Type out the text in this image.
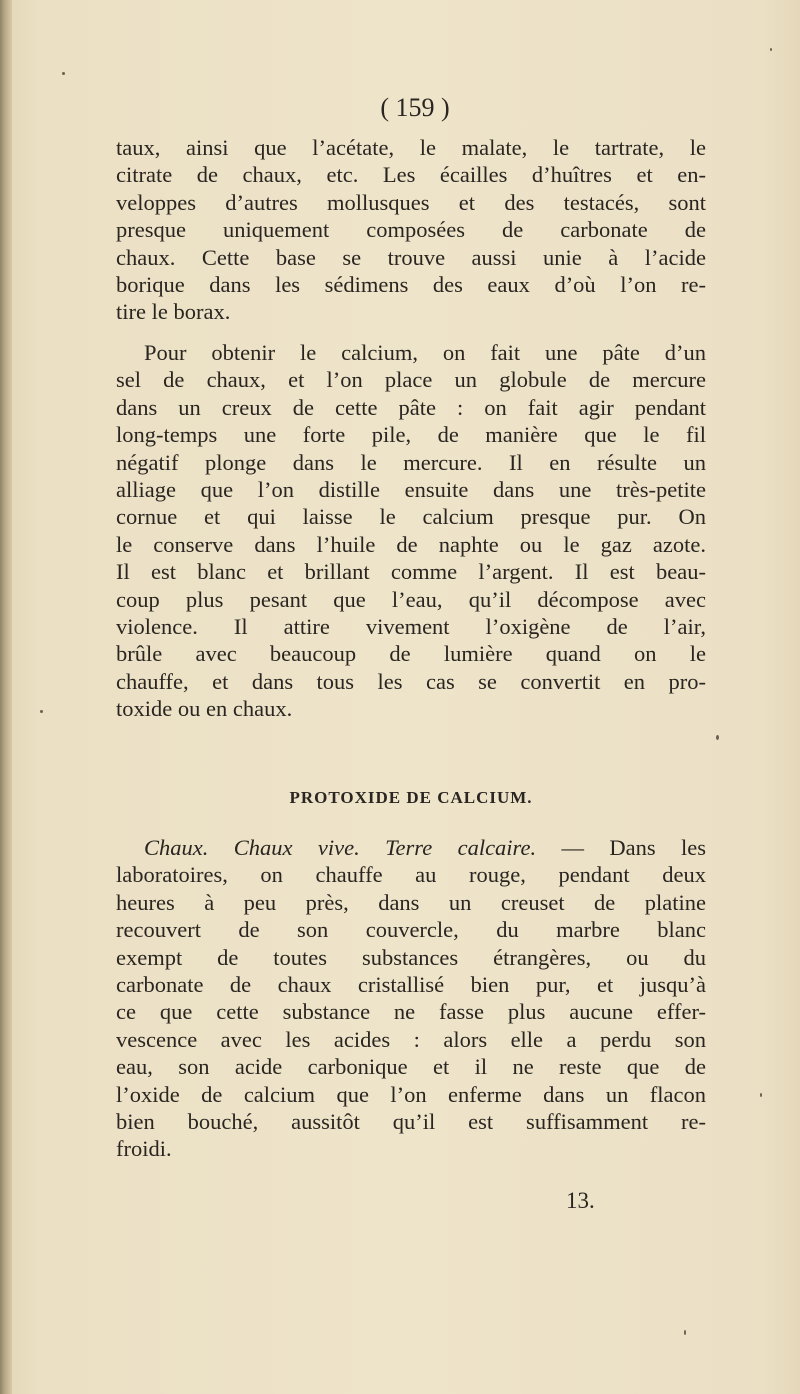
( 159 )

taux, ainsi que l’acétate, le malate, le tartrate, le
citrate de chaux, etc. Les écailles d’huîtres et en-
veloppes d’autres mollusques et des testacés, sont
presque uniquement composées de carbonate de
chaux. Cette base se trouve aussi unie à l’acide
borique dans les sédimens des eaux d’où l’on re-
tire le borax.

Pour obtenir le calcium, on fait une pâte d’un
sel de chaux, et l’on place un globule de mercure
dans un creux de cette pâte : on fait agir pendant
long-temps une forte pile, de manière que le fil
négatif plonge dans le mercure. Il en résulte un
alliage que l’on distille ensuite dans une très-petite
cornue et qui laisse le calcium presque pur. On
le conserve dans l’huile de naphte ou le gaz azote.
Il est blanc et brillant comme l’argent. Il est beau-
coup plus pesant que l’eau, qu’il décompose avec
violence. Il attire vivement l’oxigène de l’air,
brûle avec beaucoup de lumière quand on le
chauffe, et dans tous les cas se convertit en pro-
toxide ou en chaux.

PROTOXIDE DE CALCIUM.

Chaux. Chaux vive. Terre calcaire. — Dans les
laboratoires, on chauffe au rouge, pendant deux
heures à peu près, dans un creuset de platine
recouvert de son couvercle, du marbre blanc
exempt de toutes substances étrangères, ou du
carbonate de chaux cristallisé bien pur, et jusqu’à
ce que cette substance ne fasse plus aucune effer-
vescence avec les acides : alors elle a perdu son
eau, son acide carbonique et il ne reste que de
l’oxide de calcium que l’on enferme dans un flacon
bien bouché, aussitôt qu’il est suffisamment re-
froidi.

13.
